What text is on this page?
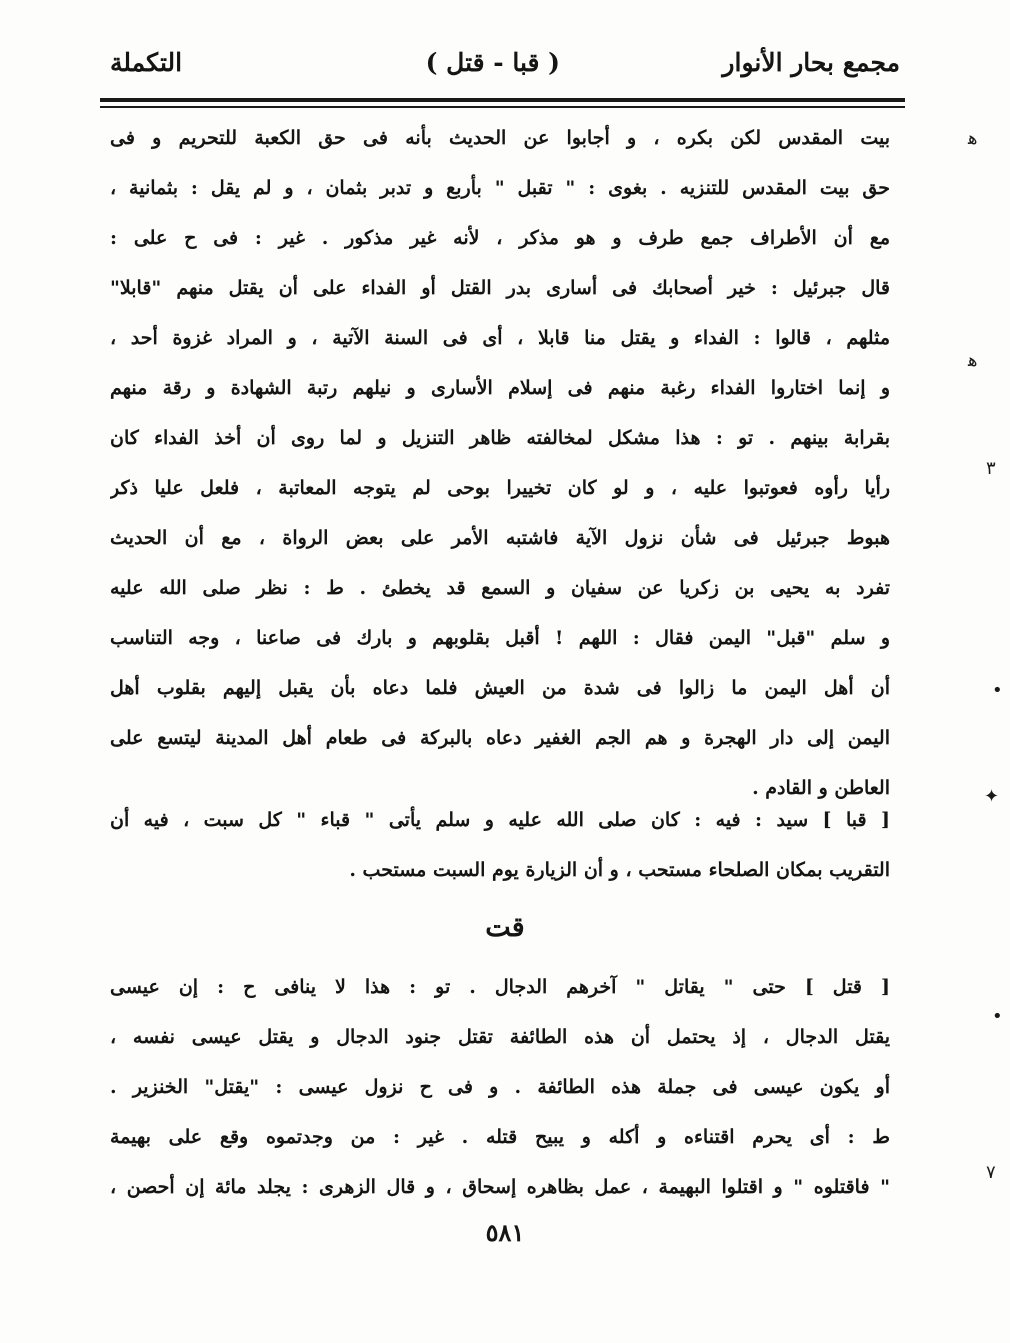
مجمع بحار الأنوار
( قبا - قتل )
التكملة
بيت المقدس لكن بكره ، و أجابوا عن الحديث بأنه فى حق الكعبة للتحريم و فى
حق بيت المقدس للتنزيه . بغوى : " تقبل " بأربع و تدبر بثمان ، و لم يقل : بثمانية ،
مع أن الأطراف جمع طرف و هو مذكر ، لأنه غير مذكور . غير : فى ح على :
قال جبرئيل : خير أصحابك فى أسارى بدر القتل أو الفداء على أن يقتل منهم "قابلا"
مثلهم ، قالوا : الفداء و يقتل منا قابلا ، أى فى السنة الآتية ، و المراد غزوة أحد ،
و إنما اختاروا الفداء رغبة منهم فى إسلام الأسارى و نيلهم رتبة الشهادة و رقة منهم
بقرابة بينهم . تو : هذا مشكل لمخالفته ظاهر التنزيل و لما روى أن أخذ الفداء كان
رأيا رأوه فعوتبوا عليه ، و لو كان تخييرا بوحى لم يتوجه المعاتبة ، فلعل عليا ذكر
هبوط جبرئيل فى شأن نزول الآية فاشتبه الأمر على بعض الرواة ، مع أن الحديث
تفرد به يحيى بن زكريا عن سفيان و السمع قد يخطئ . ط : نظر صلى الله عليه
و سلم "قبل" اليمن فقال : اللهم ! أقبل بقلوبهم و بارك فى صاعنا ، وجه التناسب
أن أهل اليمن ما زالوا فى شدة من العيش فلما دعاه بأن يقبل إليهم بقلوب أهل
اليمن إلى دار الهجرة و هم الجم الغفير دعاه بالبركة فى طعام أهل المدينة ليتسع على
العاطن و القادم .
[ قبا ] سيد : فيه : كان صلى الله عليه و سلم يأتى " قباء " كل سبت ، فيه أن
التقريب بمكان الصلحاء مستحب ، و أن الزيارة يوم السبت مستحب .
قت
[ قتل ] حتى " يقاتل " آخرهم الدجال . تو : هذا لا ينافى ح : إن عيسى
يقتل الدجال ، إذ يحتمل أن هذه الطائفة تقتل جنود الدجال و يقتل عيسى نفسه ،
أو يكون عيسى فى جملة هذه الطائفة . و فى ح نزول عيسى : "يقتل" الخنزير .
ط : أى يحرم اقتناءه و أكله و يبيح قتله . غير : من وجدتموه وقع على بهيمة
" فاقتلوه " و اقتلوا البهيمة ، عمل بظاهره إسحاق ، و قال الزهرى : يجلد مائة إن أحصن ،
٥٨١
ﻫ
ﻫ
٣
•
✦
•
٧
